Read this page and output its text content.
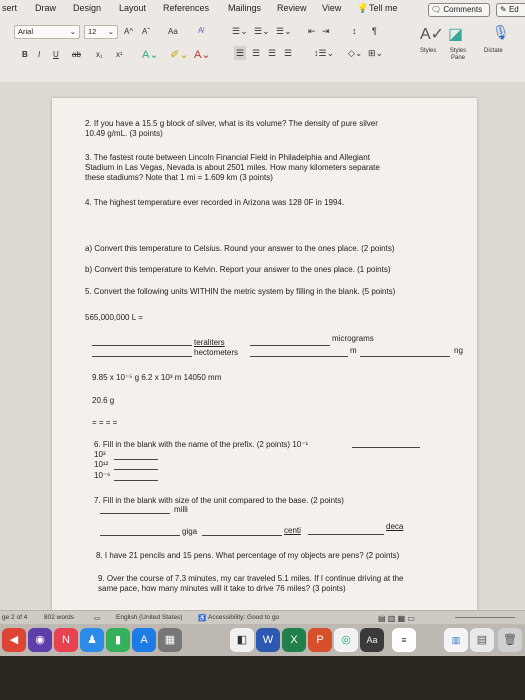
sert Draw Design Layout References Mailings Review View 💡 Tell me	🗨 Comments	✎ Ed
Arial	⌄	12 ⌄ A^ Aˇ Aa	A̸	☰⌄ ☰⌄ ☰⌄ ⇤ ⇥ ↕ ¶
B I U ab x₁ x¹ A⌄ ✐⌄ A⌄	☰ ☰ ☰ ☰ ↕☰⌄ ◇⌄ ⊞⌄
A✓
Styles
◪
Styles Pane
🎙
Dictate
2. If you have a 15.5 g block of silver, what is its volume? The density of pure silver
10.49 g/mL. (3 points)
3. The fastest route between Lincoln Financial Field in Philadelphia and Allegiant
Stadium in Las Vegas, Nevada is about 2501 miles. How many kilometers separate
these stadiums? Note that 1 mi = 1.609 km (3 points)
4. The highest temperature ever recorded in Arizona was 128 0F in 1994.
a) Convert this temperature to Celsius. Round your answer to the ones place. (2 points)
b) Convert this temperature to Kelvin. Report your answer to the ones place. (1 points)
5. Convert the following units WITHIN the metric system by filling in the blank. (5 points)
565,000,000 L =
teraliters	micrograms
hectometers	m	ng
9.85 x 10⁻⁵ g 6.2 x 10³ m 14050 mm
20.6 g
= = = =
6. Fill in the blank with the name of the prefix. (2 points) 10⁻¹
10³
10¹²
10⁻⁶
7. Fill in the blank with size of the unit compared to the base. (2 points)
milli
giga	centi	deca
8. I have 21 pencils and 15 pens. What percentage of my objects are pens? (2 points)
9. Over the course of 7.3 minutes, my car traveled 5.1 miles. If I continue driving at the
same pace, how many minutes will it take to drive 76 miles? (3 points)
ge 2 of 4	802 words	▭ English (United States) ♿ Accessibility: Good to go	▤ ▥ ▦ ▭
◀	◉	N	♟	▮	A	▦	◧	W	X	P	◎	Aa	≡	▥	▤	🗑
